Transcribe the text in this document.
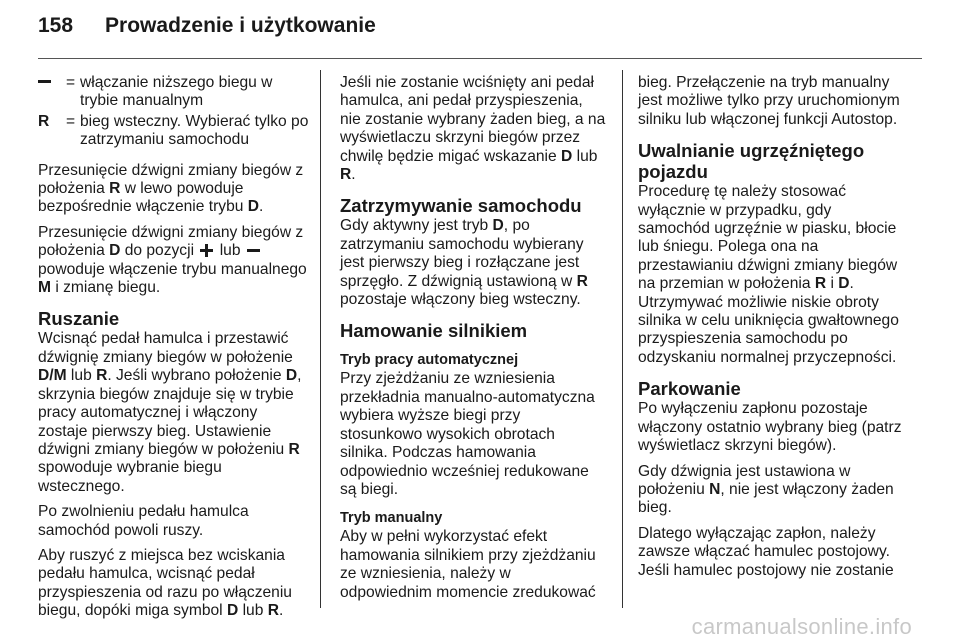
158 Prowadzenie i użytkowanie
= włączanie niższego biegu w trybie manualnym
R	= bieg wsteczny. Wybierać tylko po zatrzymaniu samochodu

Przesunięcie dźwigni zmiany biegów z położenia R w lewo powoduje bezpośrednie włączenie trybu D.

Przesunięcie dźwigni zmiany biegów z położenia D do pozycji  lub  powoduje włączenie trybu manualnego M i zmianę biegu.

Ruszanie

Wcisnąć pedał hamulca i przestawić dźwignię zmiany biegów w położenie D/M lub R. Jeśli wybrano położenie D, skrzynia biegów znajduje się w trybie pracy automatycznej i włączony zostaje pierwszy bieg. Ustawienie dźwigni zmiany biegów w położeniu R spowoduje wybranie biegu wstecznego.

Po zwolnieniu pedału hamulca samochód powoli ruszy.

Aby ruszyć z miejsca bez wciskania pedału hamulca, wcisnąć pedał przyspieszenia od razu po włączeniu biegu, dopóki miga symbol D lub R.

Jeśli nie zostanie wciśnięty ani pedał hamulca, ani pedał przyspieszenia, nie zostanie wybrany żaden bieg, a na wyświetlaczu skrzyni biegów przez chwilę będzie migać wskazanie D lub R.

Zatrzymywanie samochodu

Gdy aktywny jest tryb D, po zatrzymaniu samochodu wybierany jest pierwszy bieg i rozłączane jest sprzęgło. Z dźwignią ustawioną w R pozostaje włączony bieg wsteczny.

Hamowanie silnikiem
Tryb pracy automatycznej

Przy zjeżdżaniu ze wzniesienia przekładnia manualno-automatyczna wybiera wyższe biegi przy stosunkowo wysokich obrotach silnika. Podczas hamowania odpowiednio wcześniej redukowane są biegi.

Tryb manualny

Aby w pełni wykorzystać efekt hamowania silnikiem przy zjeżdżaniu ze wzniesienia, należy w odpowiednim momencie zredukować

bieg. Przełączenie na tryb manualny jest możliwe tylko przy uruchomionym silniku lub włączonej funkcji Autostop.

Uwalnianie ugrzęźniętego pojazdu

Procedurę tę należy stosować wyłącznie w przypadku, gdy samochód ugrzęźnie w piasku, błocie lub śniegu. Polega ona na przestawianiu dźwigni zmiany biegów na przemian w położenia R i D. Utrzymywać możliwie niskie obroty silnika w celu uniknięcia gwałtownego przyspieszenia samochodu po odzyskaniu normalnej przyczepności.

Parkowanie

Po wyłączeniu zapłonu pozostaje włączony ostatnio wybrany bieg (patrz wyświetlacz skrzyni biegów).

Gdy dźwignia jest ustawiona w położeniu N, nie jest włączony żaden bieg.

Dlatego wyłączając zapłon, należy zawsze włączać hamulec postojowy. Jeśli hamulec postojowy nie zostanie

carmanualsonline.info
